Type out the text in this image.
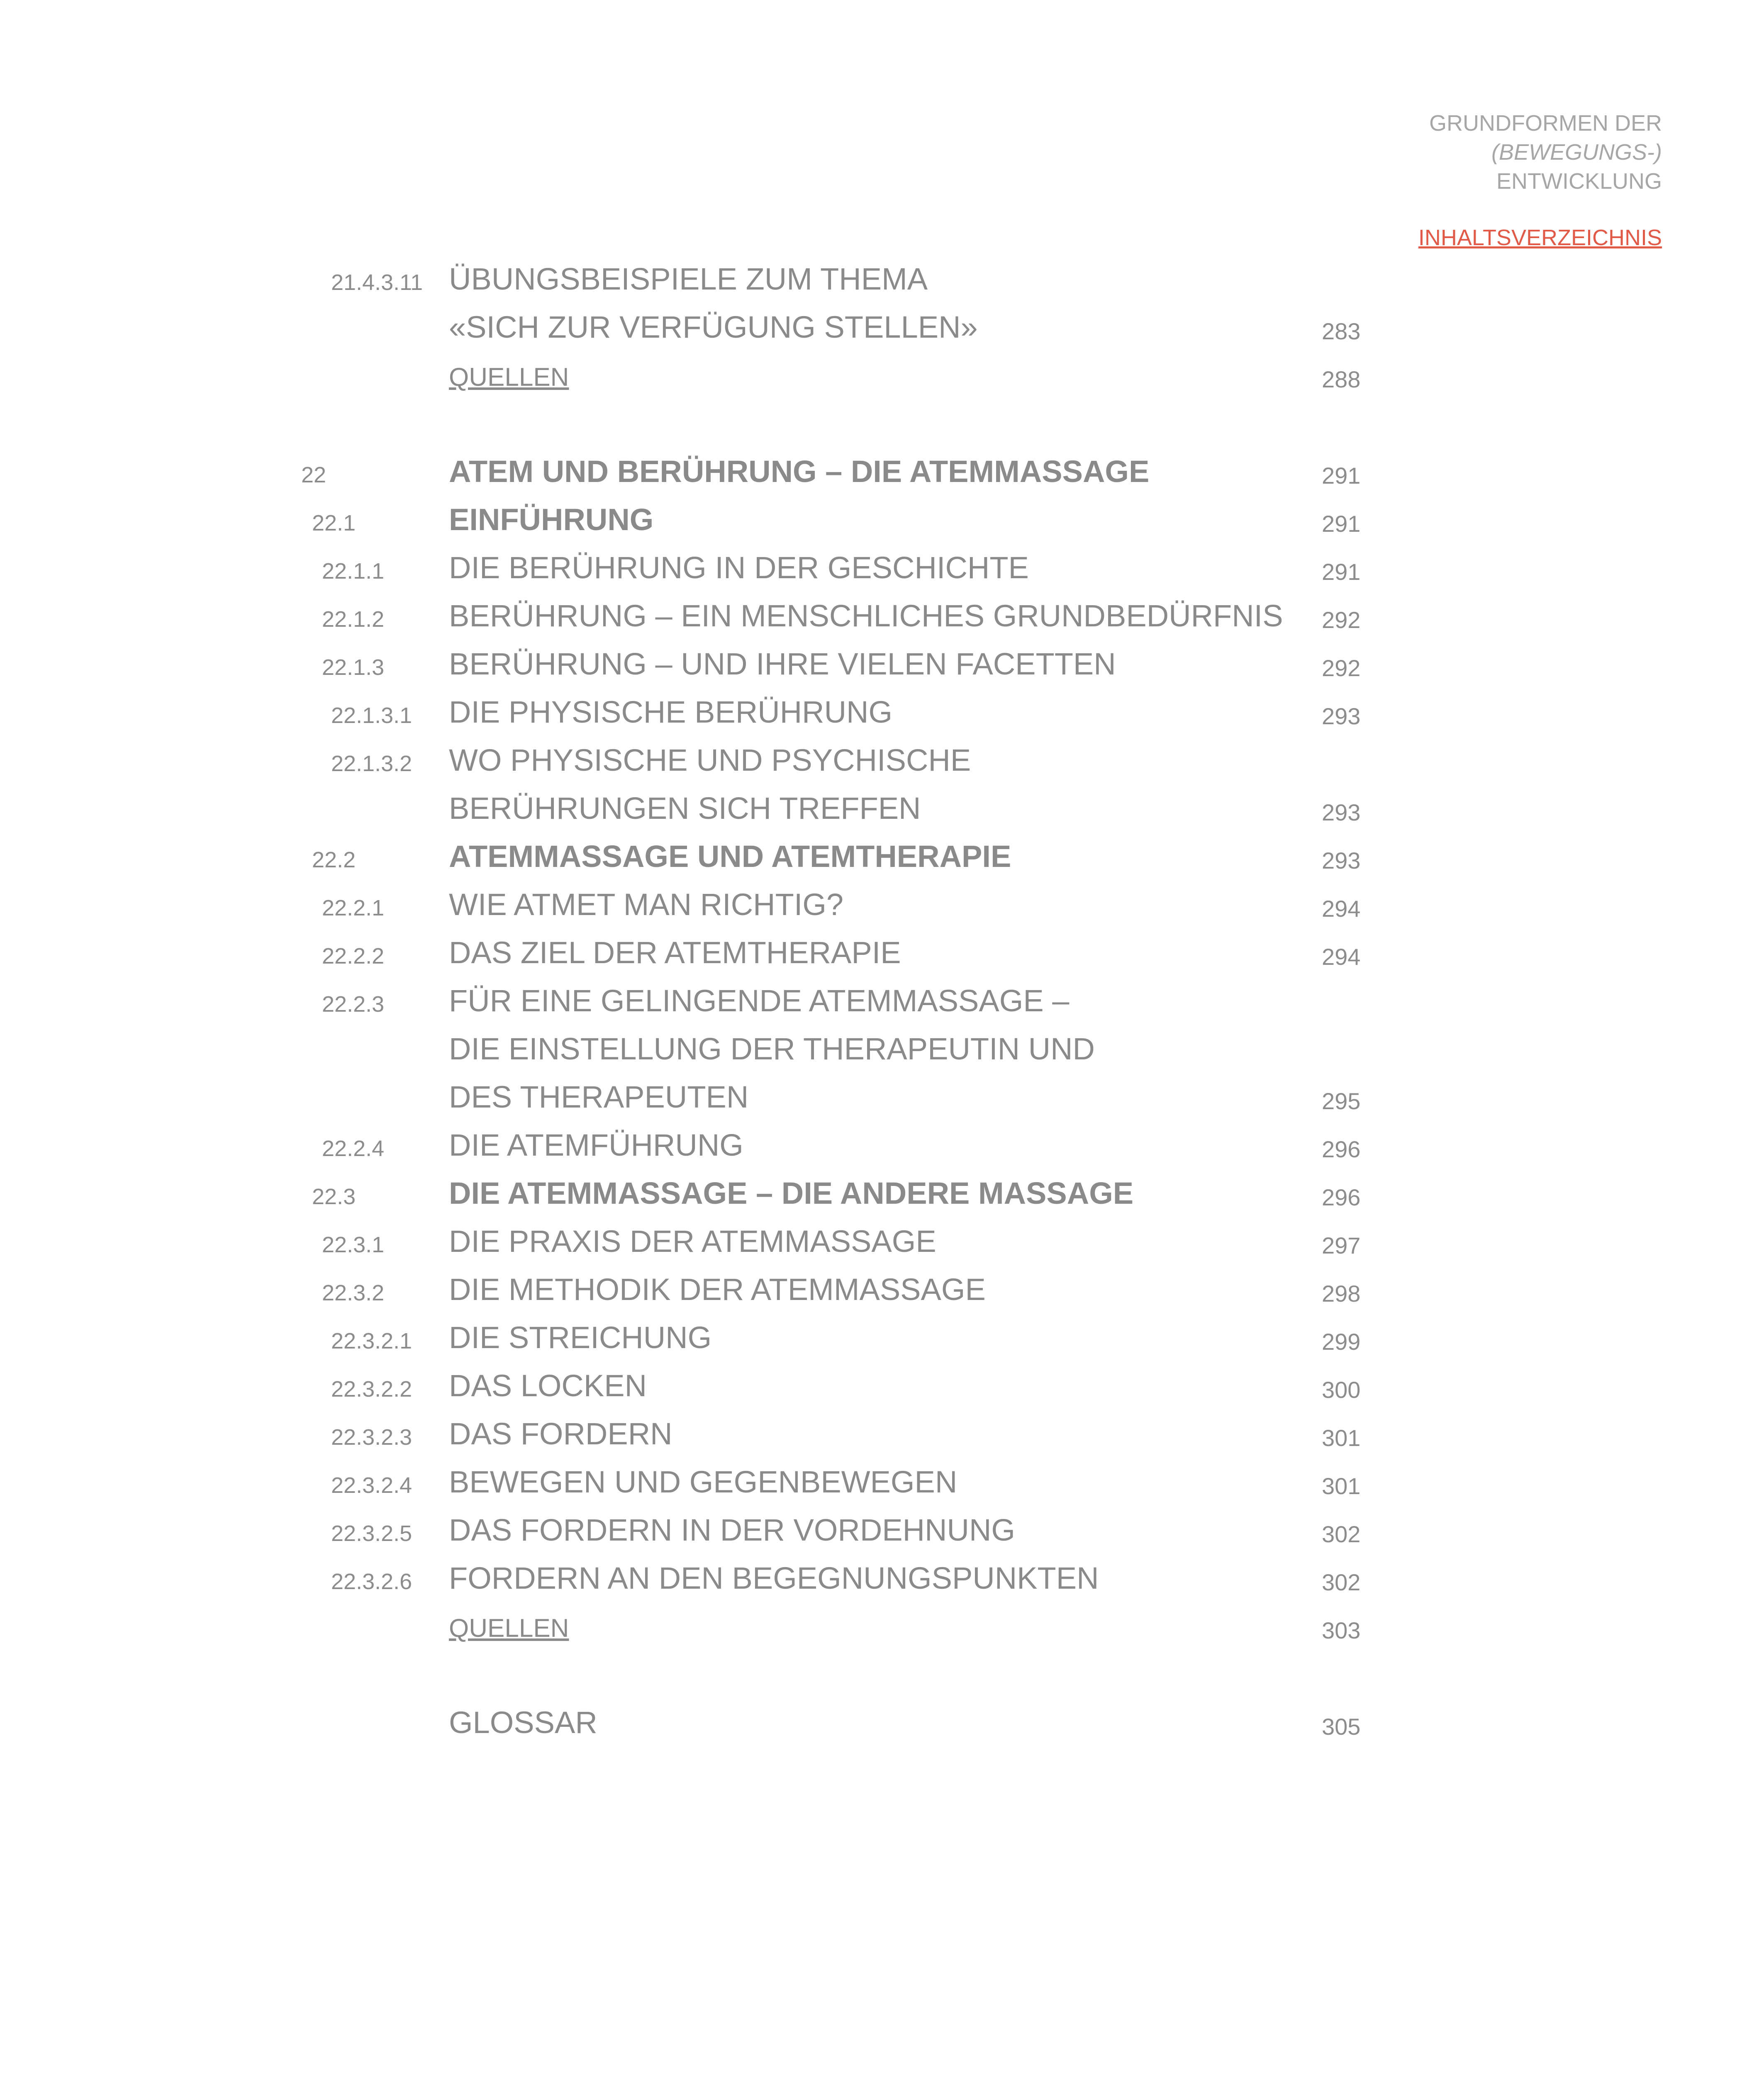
GRUNDFORMEN DER
(BEWEGUNGS-)
ENTWICKLUNG
INHALTSVERZEICHNIS
21.4.3.11 ÜBUNGSBEISPIELE ZUM THEMA
«SICH ZUR VERFÜGUNG STELLEN»	283
QUELLEN	288
22	ATEM UND BERÜHRUNG – DIE ATEMMASSAGE	291
22.1	EINFÜHRUNG	291
22.1.1 DIE BERÜHRUNG IN DER GESCHICHTE	291
22.1.2 BERÜHRUNG – EIN MENSCHLICHES GRUNDBEDÜRFNIS 292
22.1.3 BERÜHRUNG – UND IHRE VIELEN FACETTEN	292
22.1.3.1 DIE PHYSISCHE BERÜHRUNG	293
22.1.3.2 WO PHYSISCHE UND PSYCHISCHE
BERÜHRUNGEN SICH TREFFEN	293
22.2	ATEMMASSAGE UND ATEMTHERAPIE	293
22.2.1 WIE ATMET MAN RICHTIG?	294
22.2.2 DAS ZIEL DER ATEMTHERAPIE	294
22.2.3 FÜR EINE GELINGENDE ATEMMASSAGE –
DIE EINSTELLUNG DER THERAPEUTIN UND
DES THERAPEUTEN	295
22.2.4 DIE ATEMFÜHRUNG	296
22.3	DIE ATEMMASSAGE – DIE ANDERE MASSAGE	296
22.3.1 DIE PRAXIS DER ATEMMASSAGE	297
22.3.2 DIE METHODIK DER ATEMMASSAGE	298
22.3.2.1 DIE STREICHUNG	299
22.3.2.2 DAS LOCKEN	300
22.3.2.3 DAS FORDERN	301
22.3.2.4 BEWEGEN UND GEGENBEWEGEN	301
22.3.2.5 DAS FORDERN IN DER VORDEHNUNG	302
22.3.2.6 FORDERN AN DEN BEGEGNUNGSPUNKTEN	302
QUELLEN	303
GLOSSAR	305
